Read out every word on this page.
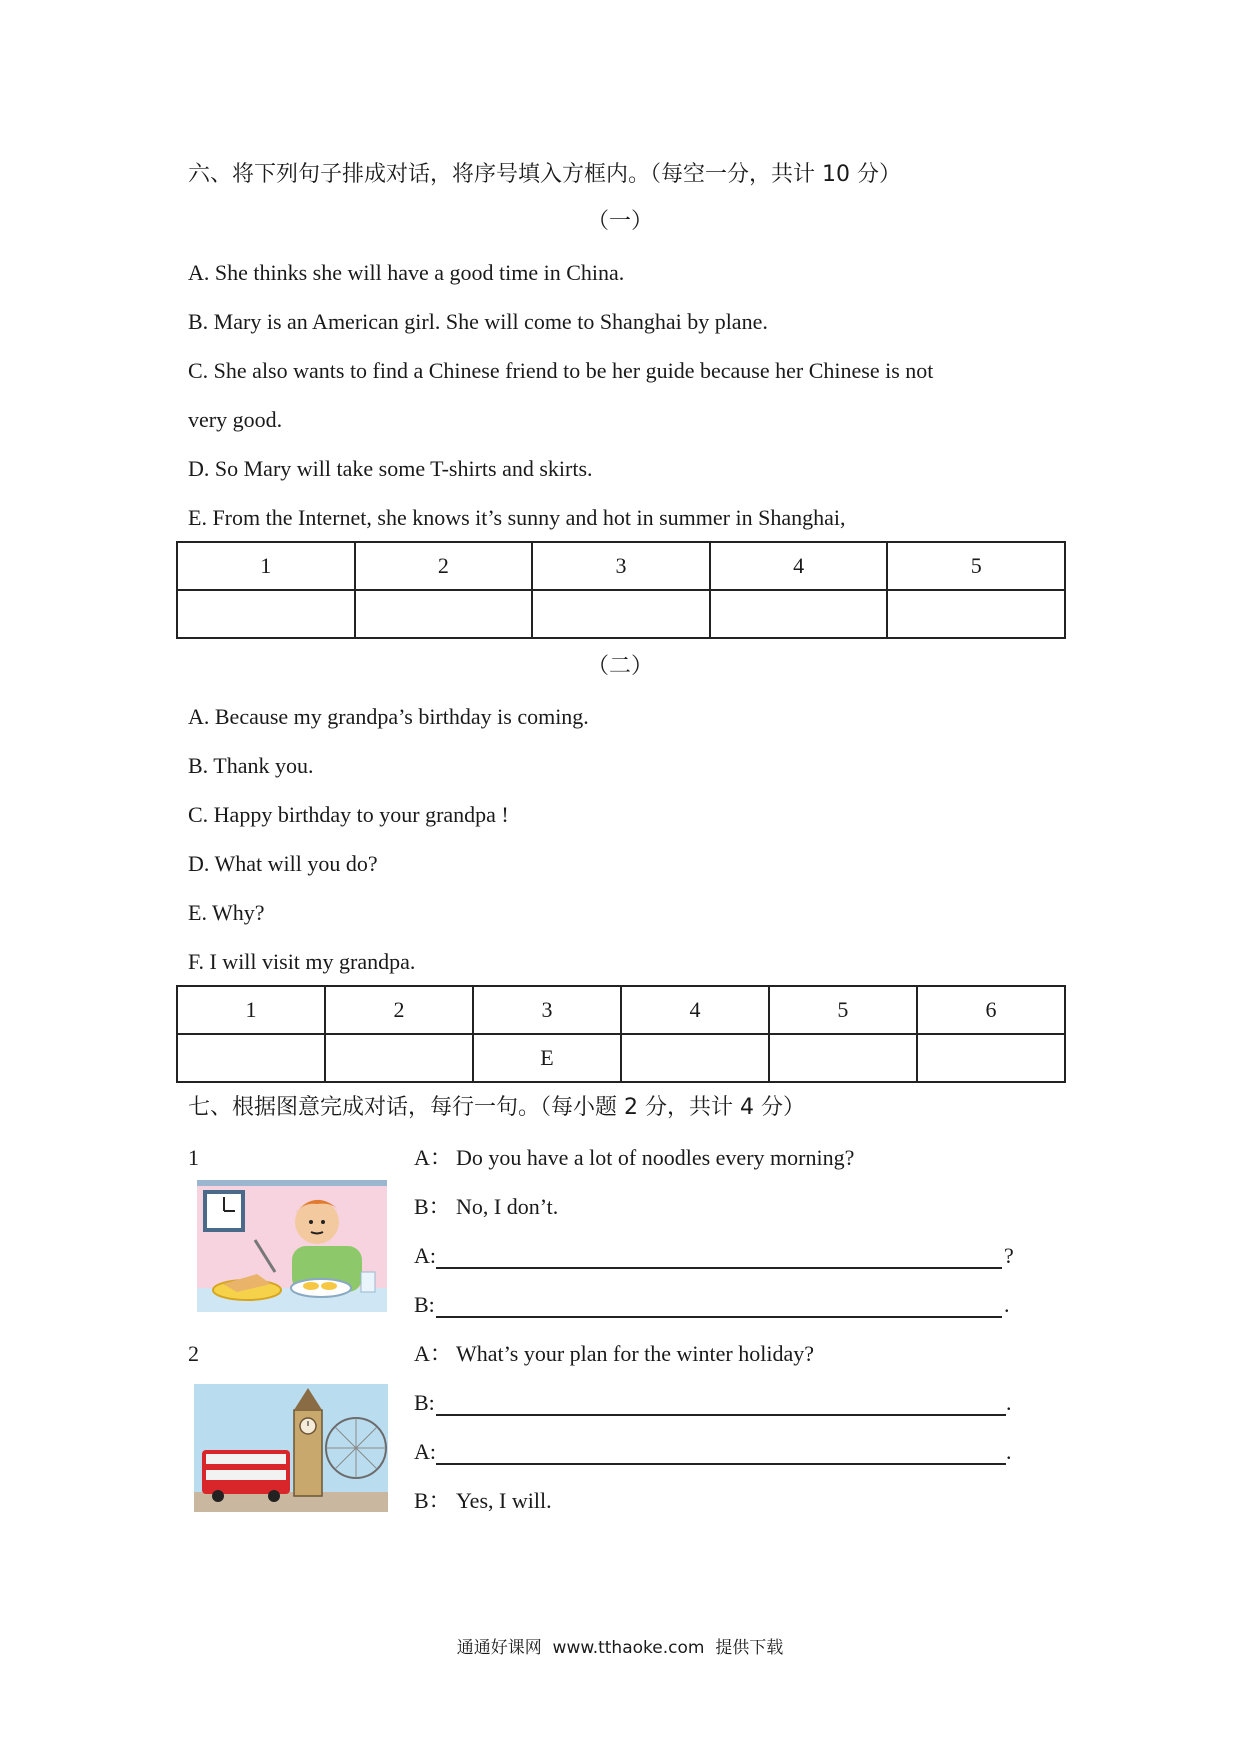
六、将下列句子排成对话，将序号填入方框内。（每空一分，共计 10 分）
（一）
A. She thinks she will have a good time in China.
B. Mary is an American girl. She will come to Shanghai by plane.
C. She also wants to find a Chinese friend to be her guide because her Chinese is not
very good.
D. So Mary will take some T-shirts and skirts.
E. From the Internet, she knows it’s sunny and hot in summer in Shanghai,
1	2	3	4	5

（二）
A. Because my grandpa’s birthday is coming.
B. Thank you.
C. Happy birthday to your grandpa !
D. What will you do?
E. Why?
F. I will visit my grandpa.
1	2	3	4	5	6
		E			
七、根据图意完成对话，每行一句。（每小题 2 分，共计 4 分）
1	A： Do you have a lot of noodles every morning?
B： No, I don’t.
A:	?
B:	.
2	A： What’s your plan for the winter holiday?
B:	.
A:	.
B： Yes, I will.
通通好课网  www.tthaoke.com  提供下载
